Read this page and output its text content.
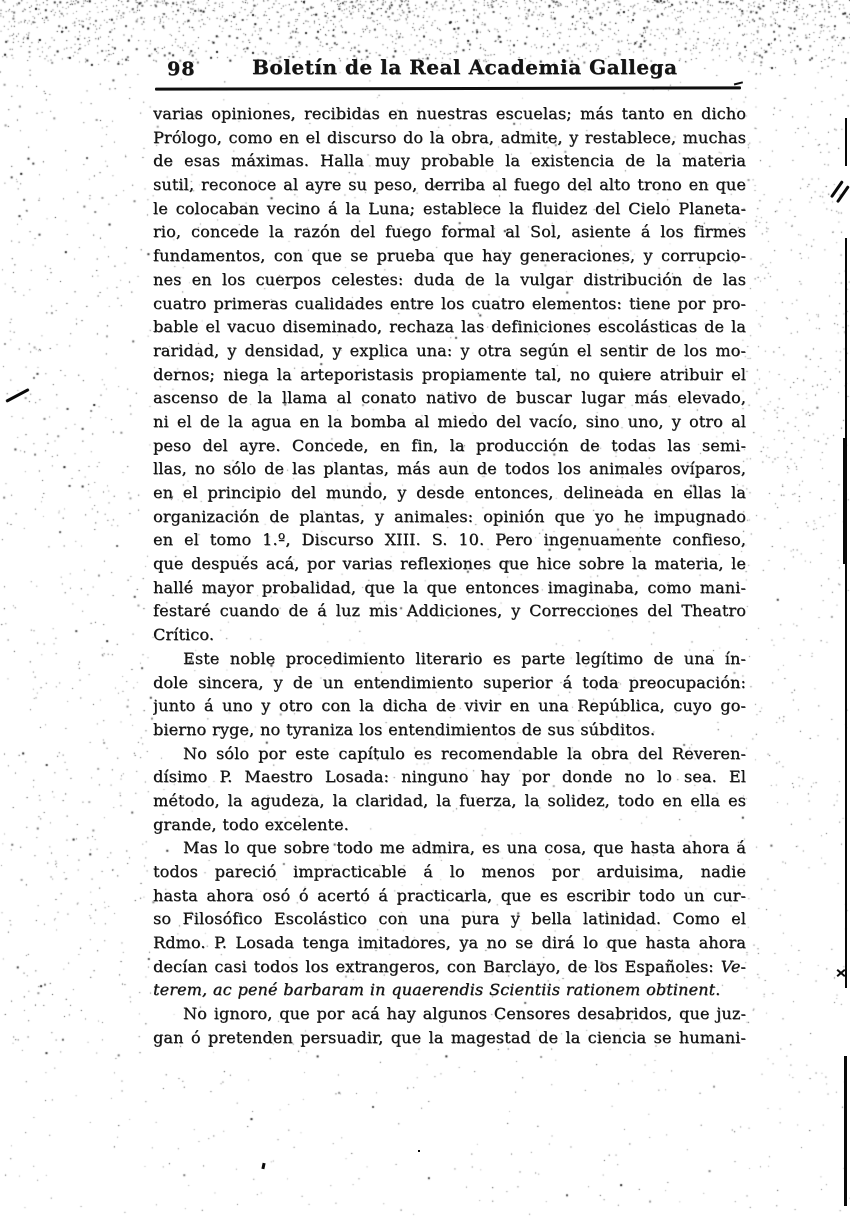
98	Boletín de la Real Academia Gallega
varias opiniones, recibidas en nuestras escuelas; más tanto en dicho
Prólogo, como en el discurso do la obra, admite, y restablece, muchas
de esas máximas. Halla muy probable la existencia de la materia
sutil, reconoce al ayre su peso, derriba al fuego del alto trono en que
le colocaban vecino á la Luna; establece la fluidez del Cielo Planeta-
rio, concede la razón del fuego formal al Sol, asiente á los firmes
fundamentos, con que se prueba que hay generaciones, y corrupcio-
nes en los cuerpos celestes: duda de la vulgar distribución de las
cuatro primeras cualidades entre los cuatro elementos: tiene por pro-
bable el vacuo diseminado, rechaza las definiciones escolásticas de la
raridad, y densidad, y explica una: y otra según el sentir de los mo-
dernos; niega la arteporistasis propiamente tal, no quiere atribuir el
ascenso de la llama al conato nativo de buscar lugar más elevado,
ni el de la agua en la bomba al miedo del vacío, sino uno, y otro al
peso del ayre. Concede, en fin, la producción de todas las semi-
llas, no sólo de las plantas, más aun de todos los animales ovíparos,
en el principio del mundo, y desde entonces, delineada en ellas la
organización de plantas, y animales: opinión que yo he impugnado
en el tomo 1.º, Discurso XIII. S. 10. Pero ingenuamente confieso,
que después acá, por varias reflexiones que hice sobre la materia, le
hallé mayor probalidad, que la que entonces imaginaba, como mani-
festaré cuando de á luz mis Addiciones, y Correcciones del Theatro
Crítico.
Este noble procedimiento literario es parte legítimo de una ín-
dole sincera, y de un entendimiento superior á toda preocupación:
junto á uno y otro con la dicha de vivir en una República, cuyo go-
bierno ryge, no tyraniza los entendimientos de sus súbditos.
No sólo por este capítulo es recomendable la obra del Reveren-
dísimo P. Maestro Losada: ninguno hay por donde no lo sea. El
método, la agudeza, la claridad, la fuerza, la solidez, todo en ella es
grande, todo excelente.
Mas lo que sobre todo me admira, es una cosa, que hasta ahora á
todos pareció impracticable á lo menos por arduisima, nadie
hasta ahora osó ó acertó á practicarla, que es escribir todo un cur-
so Filosófico Escolástico con una pura y bella latinidad. Como el
Rdmo. P. Losada tenga imitadores, ya no se dirá lo que hasta ahora
decían casi todos los extrangeros, con Barclayo, de los Españoles: Ve-
terem, ac pené barbaram in quaerendis Scientiis rationem obtinent.
No ignoro, que por acá hay algunos Censores desabridos, que juz-
gan ó pretenden persuadir, que la magestad de la ciencia se humani-
